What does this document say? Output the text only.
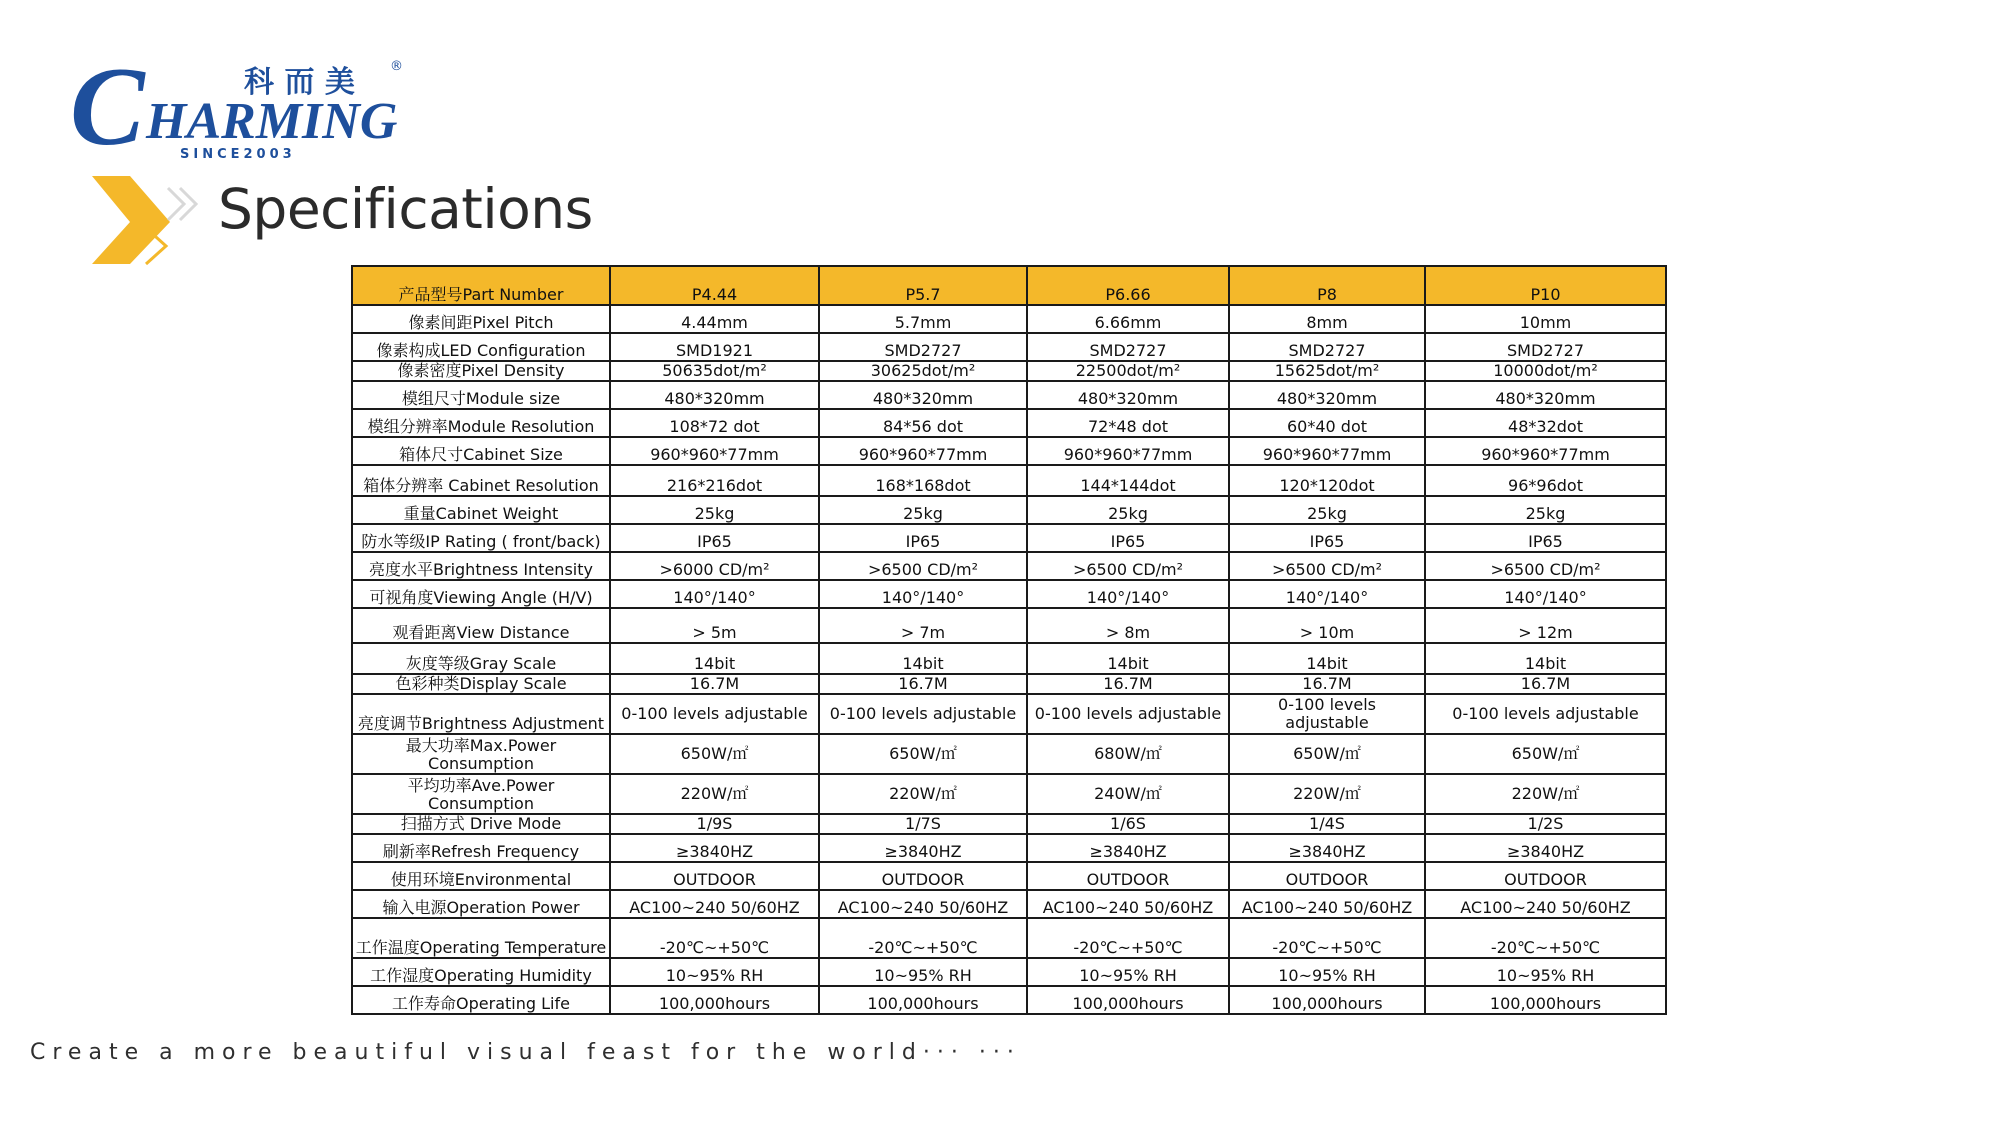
C HARMING
科 而 美	®
SINCE2003
Specifications
产品型号Part Number	P4.44	P5.7	P6.66	P8	P10
像素间距Pixel Pitch	4.44mm	5.7mm	6.66mm	8mm	10mm
像素构成LED Configuration	SMD1921	SMD2727	SMD2727	SMD2727	SMD2727
像素密度Pixel Density	50635dot/m²	30625dot/m²	22500dot/m²	15625dot/m²	10000dot/m²
模组尺寸Module size	480*320mm	480*320mm	480*320mm	480*320mm	480*320mm
模组分辨率Module Resolution	108*72 dot	84*56 dot	72*48 dot	60*40 dot	48*32dot
箱体尺寸Cabinet Size	960*960*77mm	960*960*77mm	960*960*77mm	960*960*77mm	960*960*77mm
箱体分辨率 Cabinet Resolution	216*216dot	168*168dot	144*144dot	120*120dot	96*96dot
重量Cabinet Weight	25kg	25kg	25kg	25kg	25kg
防水等级IP Rating ( front/back)	IP65	IP65	IP65	IP65	IP65
亮度水平Brightness Intensity	>6000 CD/m²	>6500 CD/m²	>6500 CD/m²	>6500 CD/m²	>6500 CD/m²
可视角度Viewing Angle (H/V)	140°/140°	140°/140°	140°/140°	140°/140°	140°/140°
观看距离View Distance	> 5m	> 7m	> 8m	> 10m	> 12m
灰度等级Gray Scale	14bit	14bit	14bit	14bit	14bit
色彩种类Display Scale	16.7M	16.7M	16.7M	16.7M	16.7M
亮度调节Brightness Adjustment	0-100 levels adjustable	0-100 levels adjustable	0-100 levels adjustable	0-100 levels adjustable	0-100 levels adjustable
最大功率Max.Power Consumption	650W/㎡	650W/㎡	680W/㎡	650W/㎡	650W/㎡
平均功率Ave.Power Consumption	220W/㎡	220W/㎡	240W/㎡	220W/㎡	220W/㎡
扫描方式 Drive Mode	1/9S	1/7S	1/6S	1/4S	1/2S
刷新率Refresh Frequency	≥3840HZ	≥3840HZ	≥3840HZ	≥3840HZ	≥3840HZ
使用环境Environmental	OUTDOOR	OUTDOOR	OUTDOOR	OUTDOOR	OUTDOOR
输入电源Operation Power	AC100~240 50/60HZ	AC100~240 50/60HZ	AC100~240 50/60HZ	AC100~240 50/60HZ	AC100~240 50/60HZ
工作温度Operating Temperature	-20℃~+50℃	-20℃~+50℃	-20℃~+50℃	-20℃~+50℃	-20℃~+50℃
工作湿度Operating Humidity	10~95% RH	10~95% RH	10~95% RH	10~95% RH	10~95% RH
工作寿命Operating Life	100,000hours	100,000hours	100,000hours	100,000hours	100,000hours
Create a more beautiful visual feast for the world··· ···
